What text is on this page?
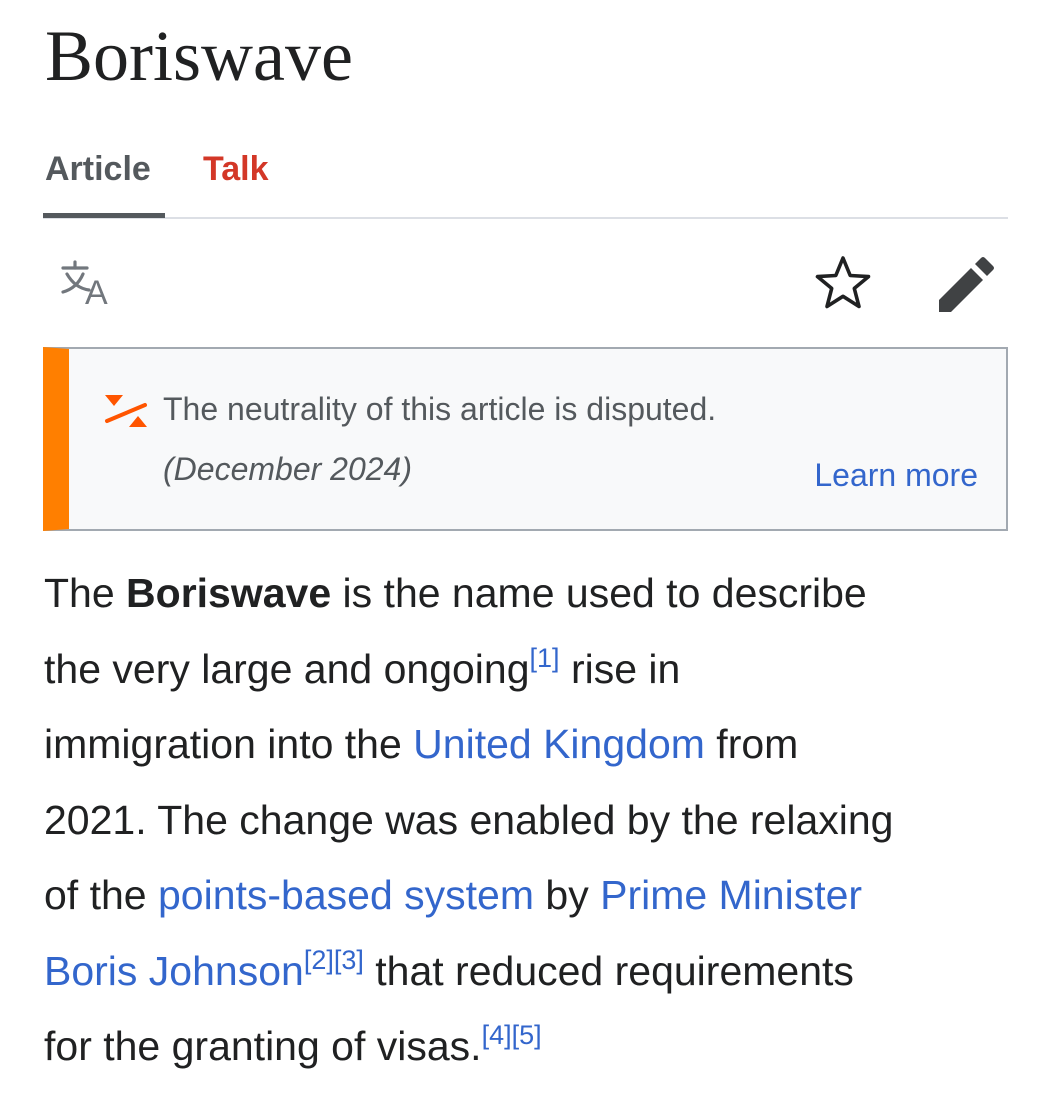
Boriswave
Article	Talk
A
The neutrality of this article is disputed.
(December 2024)	Learn more

The Boriswave is the name used to describe
the very large and ongoing[1] rise in
immigration into the United Kingdom from
2021. The change was enabled by the relaxing
of the points-based system by Prime Minister
Boris Johnson[2][3] that reduced requirements
for the granting of visas.[4][5]
